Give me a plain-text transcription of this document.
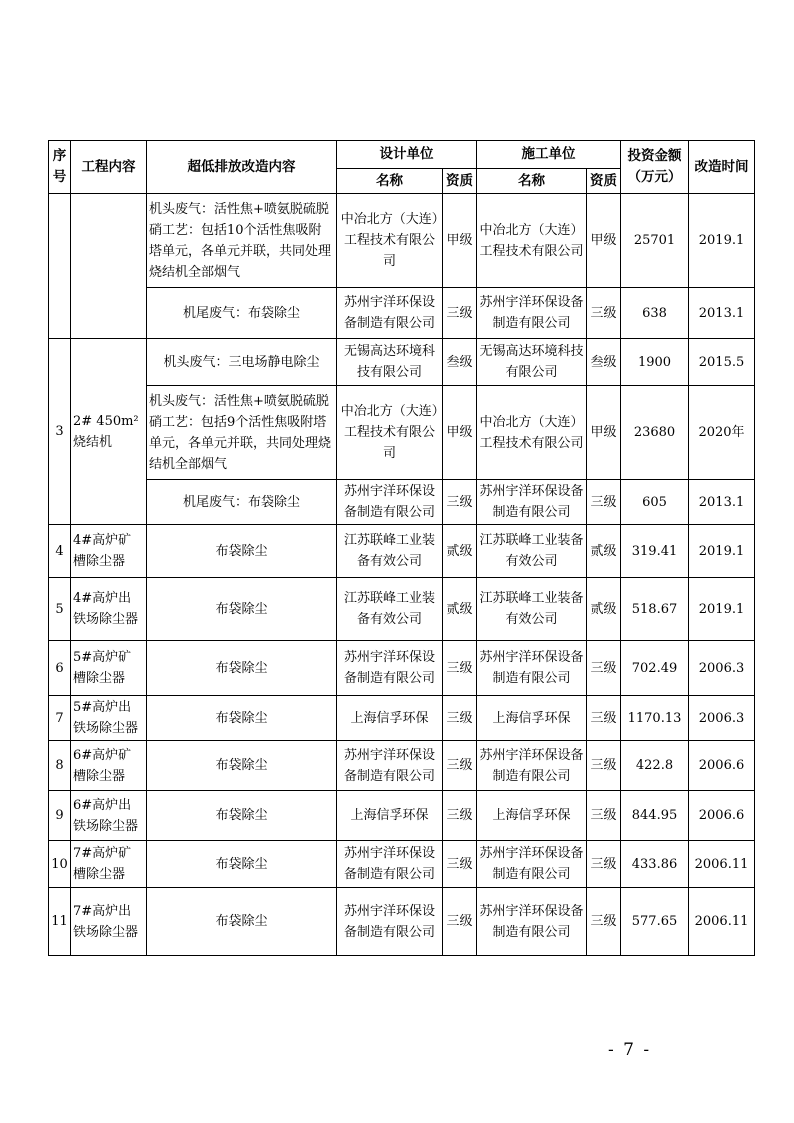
序号	工程内容	超低排放改造内容	设计单位		施工单位		投资金额（万元）	改造时间
			名称	资质	名称	资质		
		机头废气：活性焦+喷氨脱硫脱硝工艺：包括10个活性焦吸附塔单元，各单元并联，共同处理烧结机全部烟气	中冶北方（大连）工程技术有限公司	甲级	中冶北方（大连）工程技术有限公司	甲级	25701	2019.1
		机尾废气：布袋除尘	苏州宇洋环保设备制造有限公司	三级	苏州宇洋环保设备制造有限公司	三级	638	2013.1
3	2# 450m² 烧结机	机头废气：三电场静电除尘	无锡高达环境科技有限公司	叁级	无锡高达环境科技有限公司	叁级	1900	2015.5
		机头废气：活性焦+喷氨脱硫脱硝工艺：包括9个活性焦吸附塔单元，各单元并联，共同处理烧结机全部烟气	中冶北方（大连）工程技术有限公司	甲级	中冶北方（大连）工程技术有限公司	甲级	23680	2020年
		机尾废气：布袋除尘	苏州宇洋环保设备制造有限公司	三级	苏州宇洋环保设备制造有限公司	三级	605	2013.1
4	4#高炉矿槽除尘器	布袋除尘	江苏联峰工业装备有效公司	贰级	江苏联峰工业装备有效公司	贰级	319.41	2019.1
5	4#高炉出铁场除尘器	布袋除尘	江苏联峰工业装备有效公司	贰级	江苏联峰工业装备有效公司	贰级	518.67	2019.1
6	5#高炉矿槽除尘器	布袋除尘	苏州宇洋环保设备制造有限公司	三级	苏州宇洋环保设备制造有限公司	三级	702.49	2006.3
7	5#高炉出铁场除尘器	布袋除尘	上海信孚环保	三级	上海信孚环保	三级	1170.13	2006.3
8	6#高炉矿槽除尘器	布袋除尘	苏州宇洋环保设备制造有限公司	三级	苏州宇洋环保设备制造有限公司	三级	422.8	2006.6
9	6#高炉出铁场除尘器	布袋除尘	上海信孚环保	三级	上海信孚环保	三级	844.95	2006.6
10	7#高炉矿槽除尘器	布袋除尘	苏州宇洋环保设备制造有限公司	三级	苏州宇洋环保设备制造有限公司	三级	433.86	2006.11
11	7#高炉出铁场除尘器	布袋除尘	苏州宇洋环保设备制造有限公司	三级	苏州宇洋环保设备制造有限公司	三级	577.65	2006.11
- 7 -
